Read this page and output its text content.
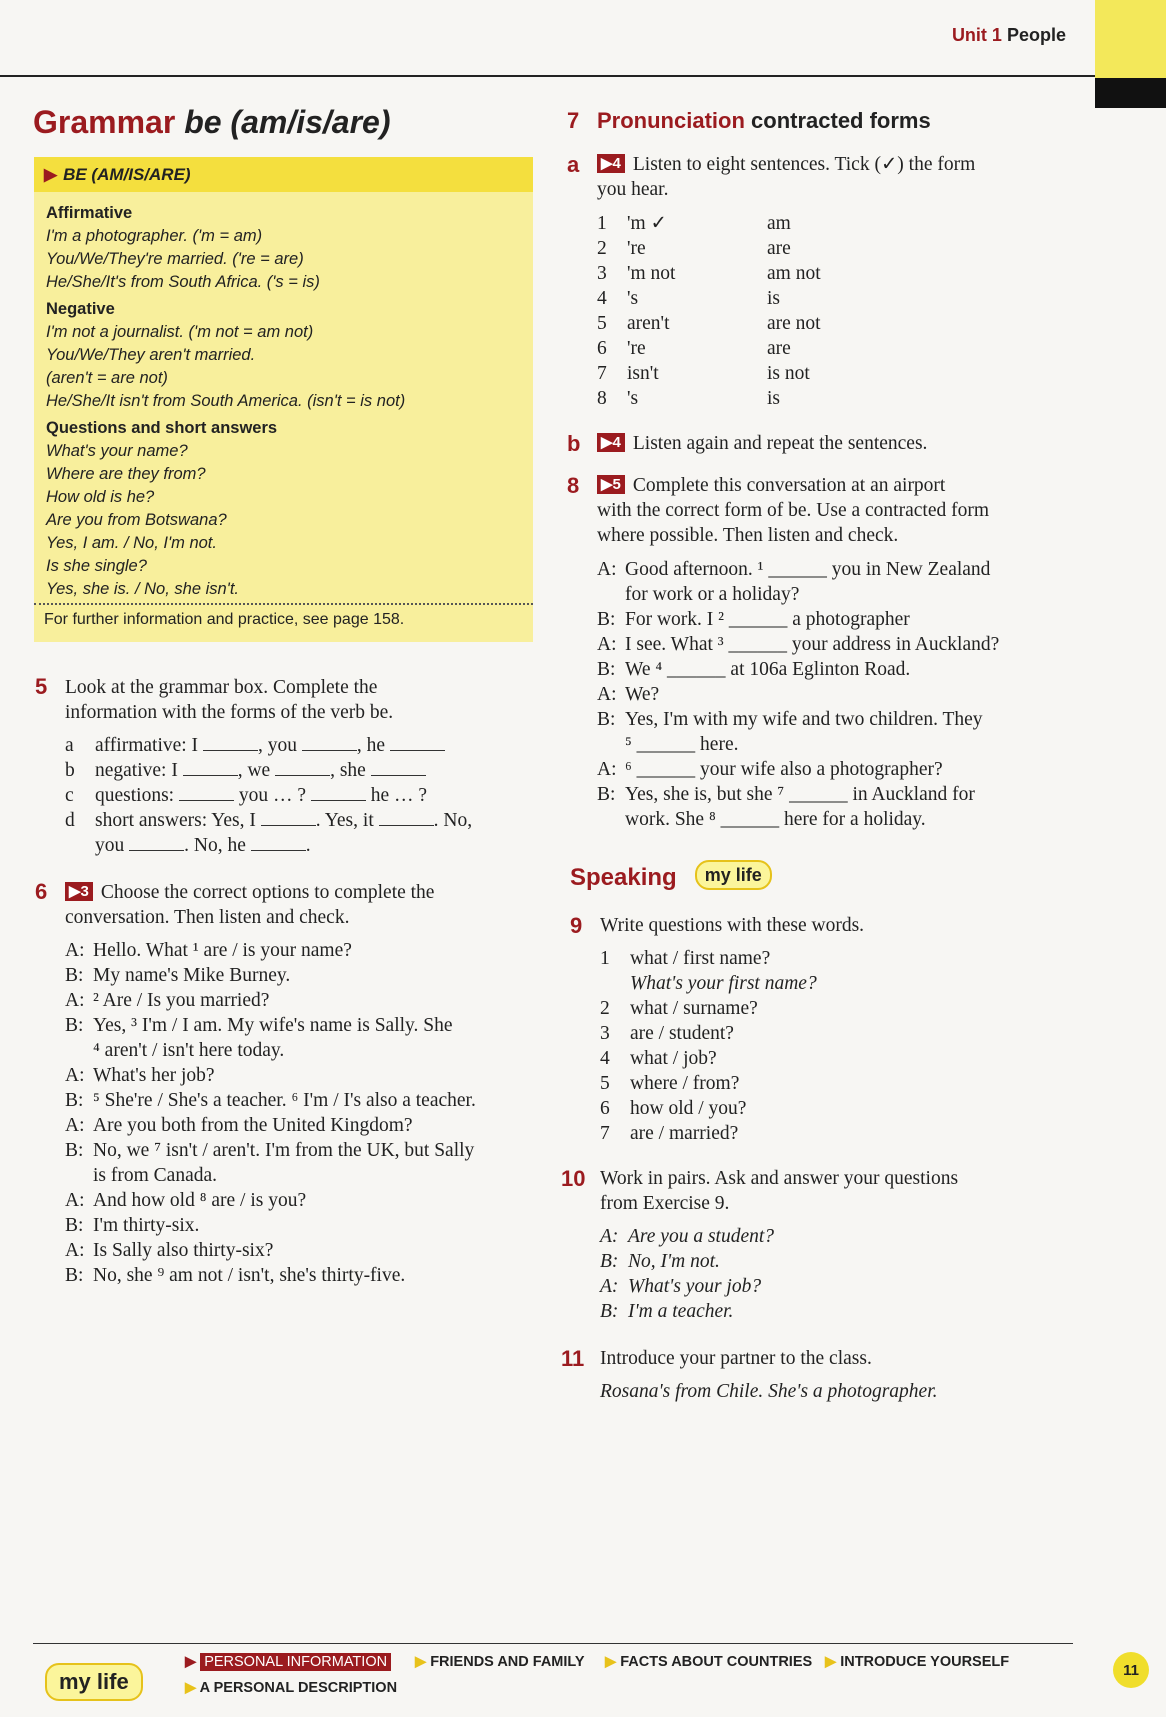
Unit 1 People
Grammar be (am/is/are)
▶ BE (AM/IS/ARE)
Affirmative
I'm a photographer. ('m = am)
You/We/They're married. ('re = are)
He/She/It's from South Africa. ('s = is)
Negative
I'm not a journalist. ('m not = am not)
You/We/They aren't married.
(aren't = are not)
He/She/It isn't from South America. (isn't = is not)
Questions and short answers
What's your name?
Where are they from?
How old is he?
Are you from Botswana?
Yes, I am. / No, I'm not.
Is she single?
Yes, she is. / No, she isn't.
For further information and practice, see page 158.
5 Look at the grammar box. Complete the
information with the forms of the verb be.
a affirmative: I	, you	, he
b negative: I	, we	, she
c questions:	you … ?	he … ?
d short answers: Yes, I	. Yes, it	. No,
you	. No, he	.
6 ▶3 Choose the correct options to complete the
conversation. Then listen and check.
A: Hello. What ¹ are / is your name?
B: My name's Mike Burney.
A: ² Are / Is you married?
B: Yes, ³ I'm / I am. My wife's name is Sally. She
⁴ aren't / isn't here today.
A: What's her job?
B: ⁵ She're / She's a teacher. ⁶ I'm / I's also a teacher.
A: Are you both from the United Kingdom?
B: No, we ⁷ isn't / aren't. I'm from the UK, but Sally
is from Canada.
A: And how old ⁸ are / is you?
B: I'm thirty-six.
A: Is Sally also thirty-six?
B: No, she ⁹ am not / isn't, she's thirty-five.
7 Pronunciation contracted forms
a ▶4 Listen to eight sentences. Tick (✓) the form
you hear.
1	'm ✓	am
2	're	are
3	'm not	am not
4	's	is
5	aren't	are not
6	're	are
7	isn't	is not
8	's	is
b ▶4 Listen again and repeat the sentences.
8 ▶5 Complete this conversation at an airport
with the correct form of be. Use a contracted form
where possible. Then listen and check.
A: Good afternoon. ¹ ______ you in New Zealand
for work or a holiday?
B: For work. I ² ______ a photographer
A: I see. What ³ ______ your address in Auckland?
B: We ⁴ ______ at 106a Eglinton Road.
A: We?
B: Yes, I'm with my wife and two children. They
⁵ ______ here.
A: ⁶ ______ your wife also a photographer?
B: Yes, she is, but she ⁷ ______ in Auckland for
work. She ⁸ ______ here for a holiday.
Speaking my life
9 Write questions with these words.
1	what / first name?
What's your first name?
2	what / surname?
3	are / student?
4	what / job?
5	where / from?
6	how old / you?
7	are / married?
10 Work in pairs. Ask and answer your questions
from Exercise 9.
A: Are you a student?
B: No, I'm not.
A: What's your job?
B: I'm a teacher.
11 Introduce your partner to the class.
Rosana's from Chile. She's a photographer.
my life
▶ PERSONAL INFORMATION ▶ FRIENDS AND FAMILY ▶ FACTS ABOUT COUNTRIES ▶ INTRODUCE YOURSELF
▶ A PERSONAL DESCRIPTION
11
